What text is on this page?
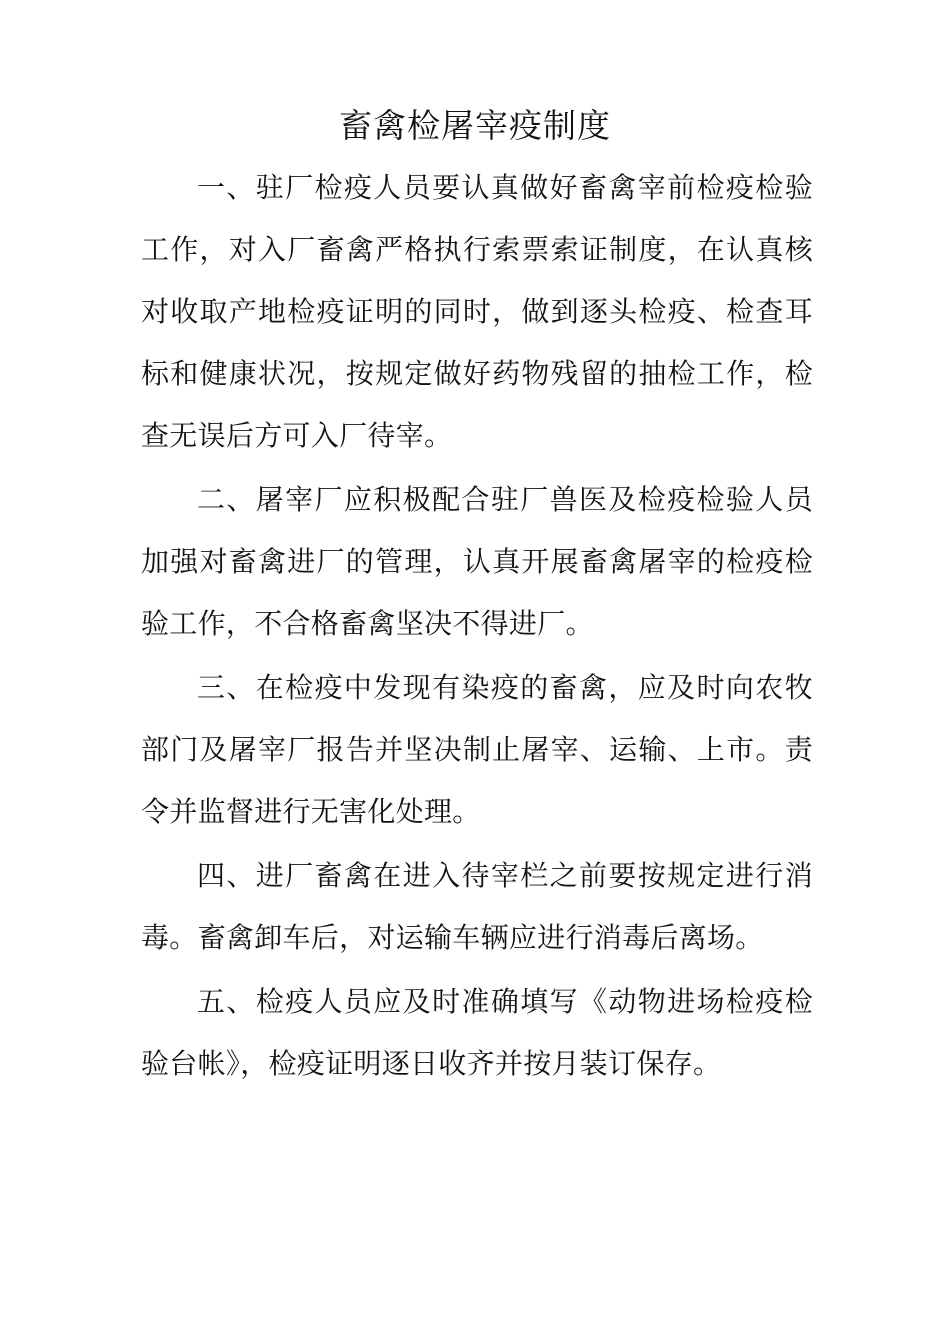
畜禽检屠宰疫制度

一、驻厂检疫人员要认真做好畜禽宰前检疫检验工作，对入厂畜禽严格执行索票索证制度，在认真核对收取产地检疫证明的同时，做到逐头检疫、检查耳标和健康状况，按规定做好药物残留的抽检工作，检查无误后方可入厂待宰。

二、屠宰厂应积极配合驻厂兽医及检疫检验人员加强对畜禽进厂的管理，认真开展畜禽屠宰的检疫检验工作，不合格畜禽坚决不得进厂。

三、在检疫中发现有染疫的畜禽，应及时向农牧部门及屠宰厂报告并坚决制止屠宰、运输、上市。责令并监督进行无害化处理。

四、进厂畜禽在进入待宰栏之前要按规定进行消毒。畜禽卸车后，对运输车辆应进行消毒后离场。

五、检疫人员应及时准确填写《动物进场检疫检验台帐》，检疫证明逐日收齐并按月装订保存。
